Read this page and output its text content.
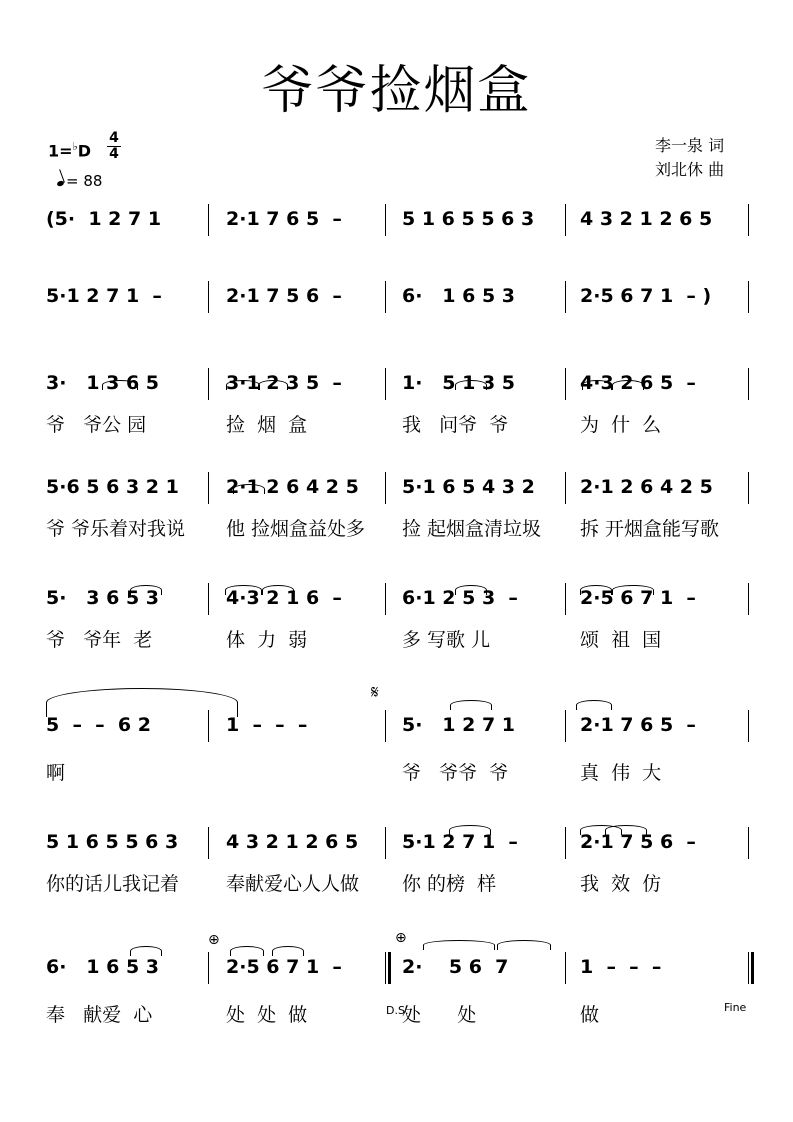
爷爷捡烟盒
1=♭D
4
4
= 88
李一泉 词
刘北休 曲
(5·  1 2 7 1	2·1 7 6 5  –	5 1 6 5 5 6 3 4 3 2 1 2 6 5
5·1 2 7 1  –	2·1 7 5 6  –	6·   1 6 5 3	2·5 6 7 1  – )
3·   1 3 6 5
爷   爷公 园
3·1 2 3 5  –
捡  烟  盒
1·   5 1 3 5
我   问爷  爷
4·3 2 6 5  –
为  什  么
5·6 5 6 3 2 1
爷 爷乐着对我说
2·1 2 6 4 2 5
他 捡烟盒益处多
5·1 6 5 4 3 2
捡 起烟盒清垃圾
2·1 2 6 4 2 5
拆 开烟盒能写歌
5·   3 6 5 3
爷   爷年  老
4·3 2 1 6  –
体  力  弱
6·1 2 5 3  –
多 写歌 儿
2·5 6 7 1  –
颂  祖  国
5  –  –  6 2
啊
1  –  –  –	5·   1 2 7 1
爷   爷爷  爷
2·1 7 6 5  –
真  伟  大
5 1 6 5 5 6 3
你的话儿我记着
4 3 2 1 2 6 5
奉献爱心人人做
5·1 2 7 1  –
你 的榜  样
2·1 7 5 6  –
我  效  仿
6·   1 6 5 3
奉   献爱  心
2·5 6 7 1  –
处  处  做
2·    5 6  7
处      处
1  –  –  –
做
𝄋
⊕	⊕
D.S.	Fine
